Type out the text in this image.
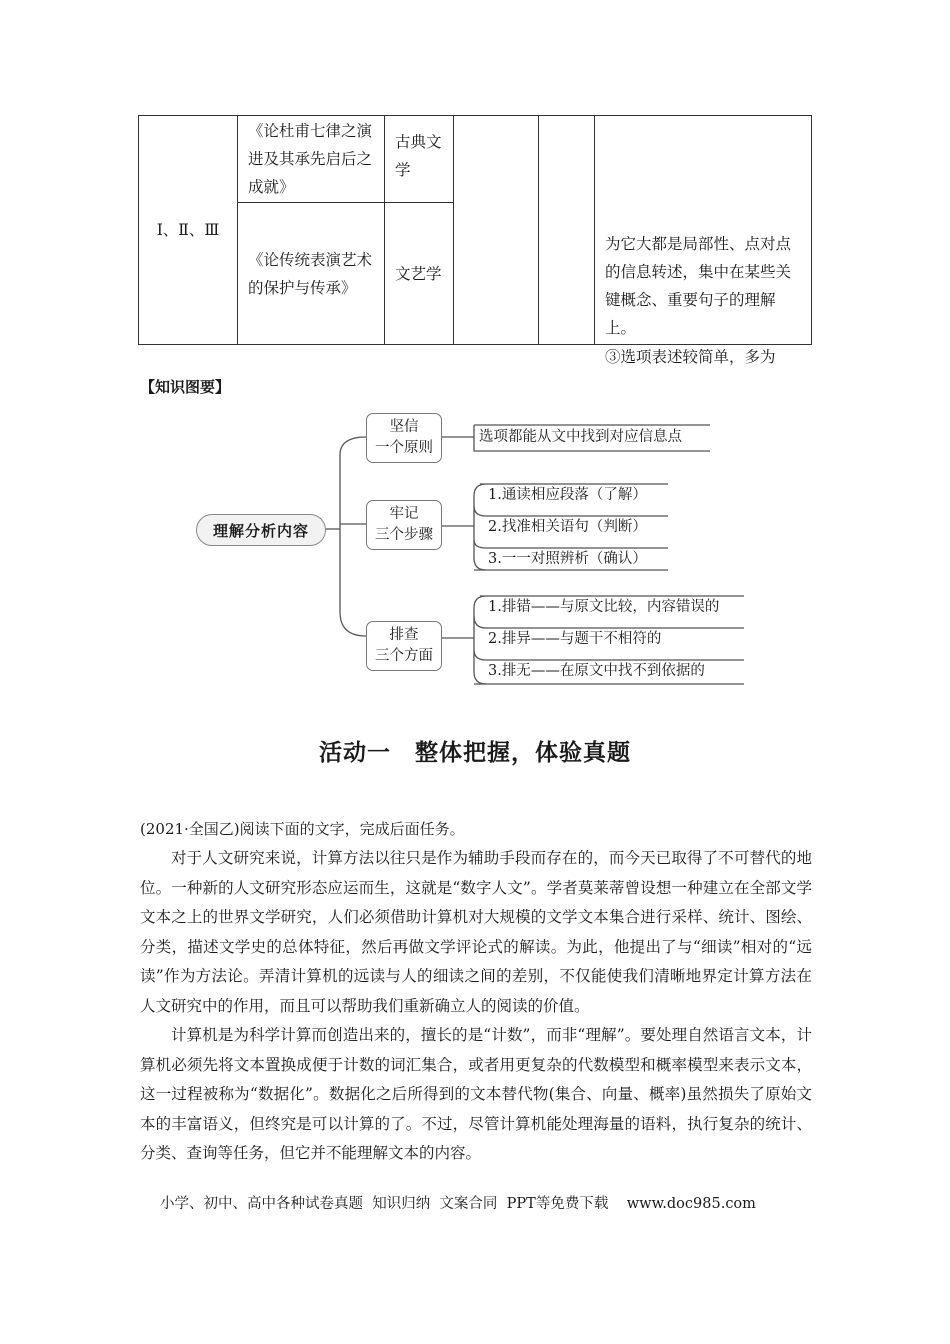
Ⅰ、Ⅱ、Ⅲ	《论杜甫七律之演进及其承先启后之成就》	古典文学			为它大都是局部性、点对点的信息转述，集中在某些关键概念、重要句子的理解上。
	《论传统表演艺术的保护与传承》	文艺学			
③选项表述较简单，多为
【知识图要】
理解分析内容
坚信
一个原则
选项都能从文中找到对应信息点
牢记
三个步骤
1.通读相应段落（了解）
2.找准相关语句（判断）
3.一一对照辨析（确认）
排查
三个方面
1.排错——与原文比较，内容错误的
2.排异——与题干不相符的
3.排无——在原文中找不到依据的
活动一　整体把握，体验真题
(2021·全国乙)阅读下面的文字，完成后面任务。

对于人文研究来说，计算方法以往只是作为辅助手段而存在的，而今天已取得了不可替代的地位。一种新的人文研究形态应运而生，这就是“数字人文”。学者莫莱蒂曾设想一种建立在全部文学文本之上的世界文学研究，人们必须借助计算机对大规模的文学文本集合进行采样、统计、图绘、分类，描述文学史的总体特征，然后再做文学评论式的解读。为此，他提出了与“细读”相对的“远读”作为方法论。弄清计算机的远读与人的细读之间的差别，不仅能使我们清晰地界定计算方法在人文研究中的作用，而且可以帮助我们重新确立人的阅读的价值。

计算机是为科学计算而创造出来的，擅长的是“计数”，而非“理解”。要处理自然语言文本，计算机必须先将文本置换成便于计数的词汇集合，或者用更复杂的代数模型和概率模型来表示文本，这一过程被称为“数据化”。数据化之后所得到的文本替代物(集合、向量、概率)虽然损失了原始文本的丰富语义，但终究是可以计算的了。不过，尽管计算机能处理海量的语料，执行复杂的统计、分类、查询等任务，但它并不能理解文本的内容。

小学、初中、高中各种试卷真题  知识归纳  文案合同  PPT等免费下载    www.doc985.com
